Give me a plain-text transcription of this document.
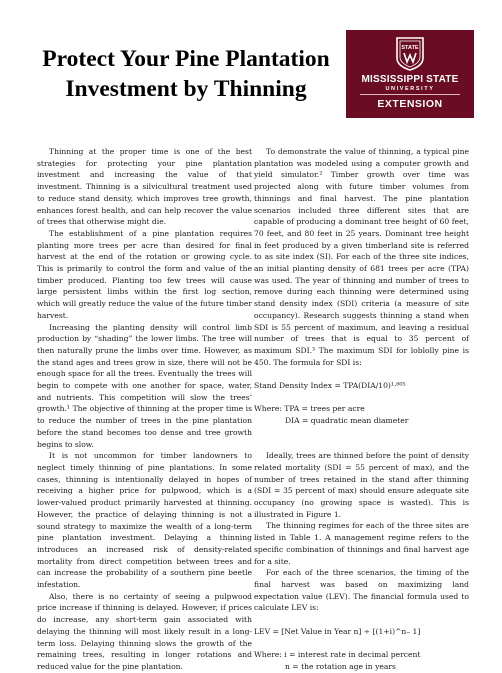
Protect Your Pine Plantation
Investment by Thinning
STATE
MISSISSIPPI STATE
UNIVERSITY
EXTENSION

Thinning at the proper time is one of the best strategies for protecting your pine plantation investment and increasing the value of that investment. Thinning is a silvicultural treatment used to reduce stand density, which improves tree growth, enhances forest health, and can help recover the value of trees that otherwise might die.

The establishment of a pine plantation requires planting more trees per acre than desired for final harvest at the end of the rotation or growing cycle. This is primarily to control the form and value of the timber produced. Planting too few trees will cause large persistent limbs within the first log section, which will greatly reduce the value of the future timber harvest.

Increasing the planting density will control limb production by “shading” the lower limbs. The tree will then naturally prune the limbs over time. However, as the stand ages and trees grow in size, there will not be enough space for all the trees. Eventually the trees will begin to compete with one another for space, water, and nutrients. This competition will slow the trees’ growth.¹ The objective of thinning at the proper time is to reduce the number of trees in the pine plantation before the stand becomes too dense and tree growth begins to slow.

It is not uncommon for timber landowners to neglect timely thinning of pine plantations. In some cases, thinning is intentionally delayed in hopes of receiving a higher price for pulpwood, which is a lower-valued product primarily harvested at thinning. However, the practice of delaying thinning is not a sound strategy to maximize the wealth of a long-term pine plantation investment. Delaying a thinning introduces an increased risk of density-related mortality from direct competition between trees and can increase the probability of a southern pine beetle infestation.

Also, there is no certainty of seeing a pulpwood price increase if thinning is delayed. However, if prices do increase, any short-term gain associated with delaying the thinning will most likely result in a long-term loss. Delaying thinning slows the growth of the remaining trees, resulting in longer rotations and reduced value for the pine plantation.

To demonstrate the value of thinning, a typical pine plantation was modeled using a computer growth and yield simulator.² Timber growth over time was projected along with future timber volumes from thinnings and final harvest. The pine plantation scenarios included three different sites that are capable of producing a dominant tree height of 60 feet, 70 feet, and 80 feet in 25 years. Dominant tree height in feet produced by a given timberland site is referred to as site index (SI). For each of the three site indices, an initial planting density of 681 trees per acre (TPA) was used. The year of thinning and number of trees to remove during each thinning were determined using stand density index (SDI) criteria (a measure of site occupancy). Research suggests thinning a stand when SDI is 55 percent of maximum, and leaving a residual number of trees that is equal to 35 percent of maximum SDI.³ The maximum SDI for loblolly pine is 450. The formula for SDI is:

Stand Density Index = TPA(DIA/10)¹·⁶⁰⁵

Where: TPA = trees per acre

DIA = quadratic mean diameter

Ideally, trees are thinned before the point of density related mortality (SDI = 55 percent of max), and the number of trees retained in the stand after thinning (SDI = 35 percent of max) should ensure adequate site occupancy (no growing space is wasted). This is illustrated in Figure 1.

The thinning regimes for each of the three sites are listed in Table 1. A management regime refers to the specific combination of thinnings and final harvest age for a site.

For each of the three scenarios, the timing of the final harvest was based on maximizing land expectation value (LEV). The financial formula used to calculate LEV is:

LEV = [Net Value in Year n] ÷ [(1+i)^n– 1]

Where: i = interest rate in decimal percent

n = the rotation age in years
